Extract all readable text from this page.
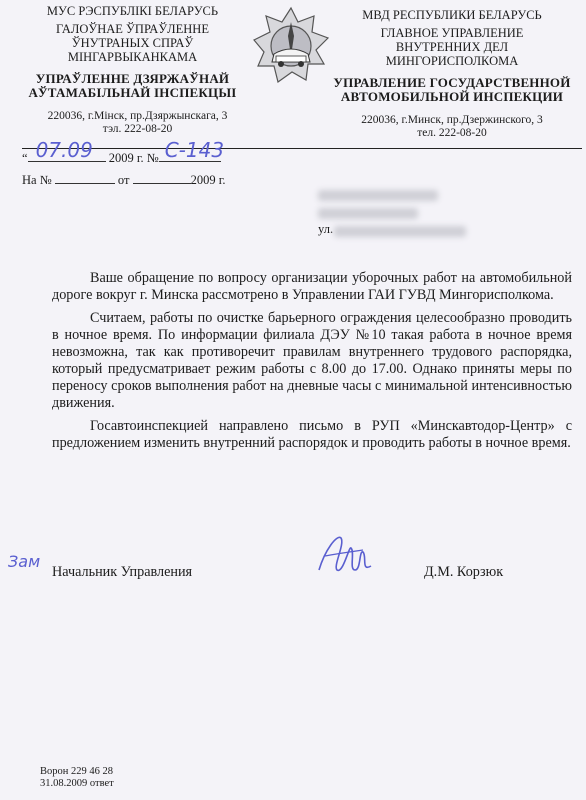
МУС РЭСПУБЛІКІ БЕЛАРУСЬ
ГАЛОЎНАЕ ЎПРАЎЛЕННЕ
ЎНУТРАНЫХ СПРАЎ
МІНГАРВЫКАНКАМА
УПРАЎЛЕННЕ ДЗЯРЖАЎНАЙ
АЎТАМАБІЛЬНАЙ ІНСПЕКЦЫІ
220036, г.Мінск, пр.Дзяржынскага, 3
тэл. 222-08-20
МВД РЕСПУБЛИКИ БЕЛАРУСЬ
ГЛАВНОЕ УПРАВЛЕНИЕ
ВНУТРЕННИХ ДЕЛ
МИНГОРИСПОЛКОМА
УПРАВЛЕНИЕ ГОСУДАРСТВЕННОЙ
АВТОМОБИЛЬНОЙ ИНСПЕКЦИИ
220036, г.Минск, пр.Дзержинского, 3
тел. 222-08-20
“ 07.09 2009 г. № С-143
На №	от	2009 г.
ул.

Ваше обращение по вопросу организации уборочных работ на автомобильной дороге вокруг г. Минска рассмотрено в Управлении ГАИ ГУВД Мингорисполкома.

Считаем, работы по очистке барьерного ограждения целесообразно проводить в ночное время. По информации филиала ДЭУ №10 такая работа в ночное время невозможна, так как противоречит правилам внутреннего трудового распорядка, который предусматривает режим работы с 8.00 до 17.00. Однако приняты меры по переносу сроков выполнения работ на дневные часы с минимальной интенсивностью движения.

Госавтоинспекцией направлено письмо в РУП «Минскавтодор-Центр» с предложением изменить внутренний распорядок и проводить работы в ночное время.

Зам
Начальник Управления	Д.М. Корзюк
Ворон 229 46 28
31.08.2009 ответ
